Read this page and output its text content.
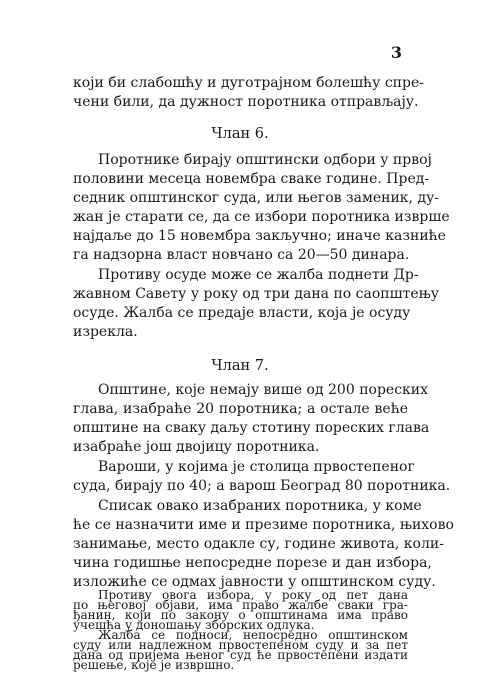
3
који би слабошћу и дуготрајном болешћу спре-
чени били, да дужност поротника отправљају.
Члан 6.
Поротнике бирају општински одбори у првој
половини месеца новембра сваке године. Пред-
седник општинског суда, или његов заменик, ду-
жан је старати се, да се избори поротника изврше
најдаље до 15 новембра закључно; иначе казниће
га надзорна власт новчано са 20—50 динара.
Противу осуде може се жалба поднети Др-
жавном Савету у року од три дана по саопштењу
осуде. Жалба се предаје власти, која је осуду
изрекла.
Члан 7.
Општине, које немају више од 200 пореских
глава, изабраће 20 поротника; а остале веће
општине на сваку даљу стотину пореских глава
изабраће још двојицу поротника.
Вароши, у којима је столица првостепеног
суда, бирају по 40; а варош Београд 80 поротника.
Списак овако изабраних поротника, у коме
ће се назначити име и презиме поротника, њихово
занимање, место одакле су, године живота, коли-
чина годишње непосредне порезе и дан избора,
изложиће се одмах јавности у општинском суду.
Противу овога избора, у року од пет дана
по његовој објави, има право жалбе сваки гра-
ђанин, који по закону о општинама има право
учешћа у доношању зборских одлука.
Жалба се подноси, непосредно општинском
суду или надлежном првостепеном суду и за пет
дана од пријема њеног суд ће првостепени издати
решење, које је извршно.
